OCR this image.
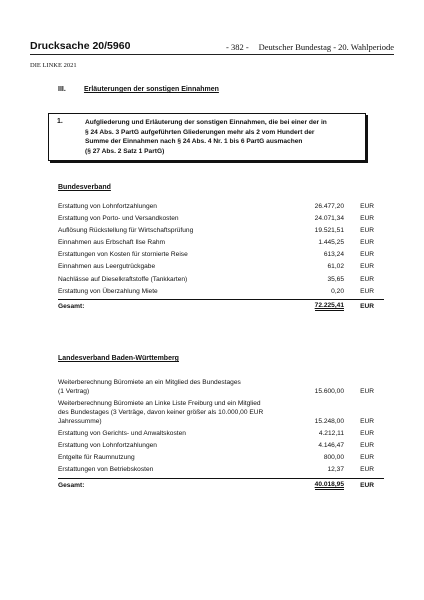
Drucksache 20/5960	- 382 - Deutscher Bundestag - 20. Wahlperiode
DIE LINKE 2021
III.	Erläuterungen der sonstigen Einnahmen
1.	Aufgliederung und Erläuterung der sonstigen Einnahmen, die bei einer der in
§ 24 Abs. 3 PartG aufgeführten Gliederungen mehr als 2 vom Hundert der
Summe der Einnahmen nach § 24 Abs. 4 Nr. 1 bis 6 PartG ausmachen
(§ 27 Abs. 2 Satz 1 PartG)
Bundesverband
Erstattung von Lohnfortzahlungen	26.477,20 EUR
Erstattung von Porto- und Versandkosten	24.071,34 EUR
Auflösung Rückstellung für Wirtschaftsprüfung	19.521,51 EUR
Einnahmen aus Erbschaft Ilse Rahm	1.445,25 EUR
Erstattungen von Kosten für stornierte Reise	613,24 EUR
Einnahmen aus Leergutrückgabe	61,02 EUR
Nachlässe auf Dieselkraftstoffe (Tankkarten)	35,65 EUR
Erstattung von Überzahlung Miete	0,20 EUR
Gesamt:	72.225,41 EUR
Landesverband Baden-Württemberg
Weiterberechnung Büromiete an ein Mitglied des Bundestages
(1 Vertrag)	15.600,00 EUR
Weiterberechnung Büromiete an Linke Liste Freiburg und ein Mitglied
des Bundestages (3 Verträge, davon keiner größer als 10.000,00 EUR
Jahressumme)	15.248,00 EUR
Erstattung von Gerichts- und Anwaltskosten	4.212,11 EUR
Erstattung von Lohnfortzahlungen	4.146,47 EUR
Entgelte für Raumnutzung	800,00 EUR
Erstattungen von Betriebskosten	12,37 EUR
Gesamt:	40.018,95 EUR
